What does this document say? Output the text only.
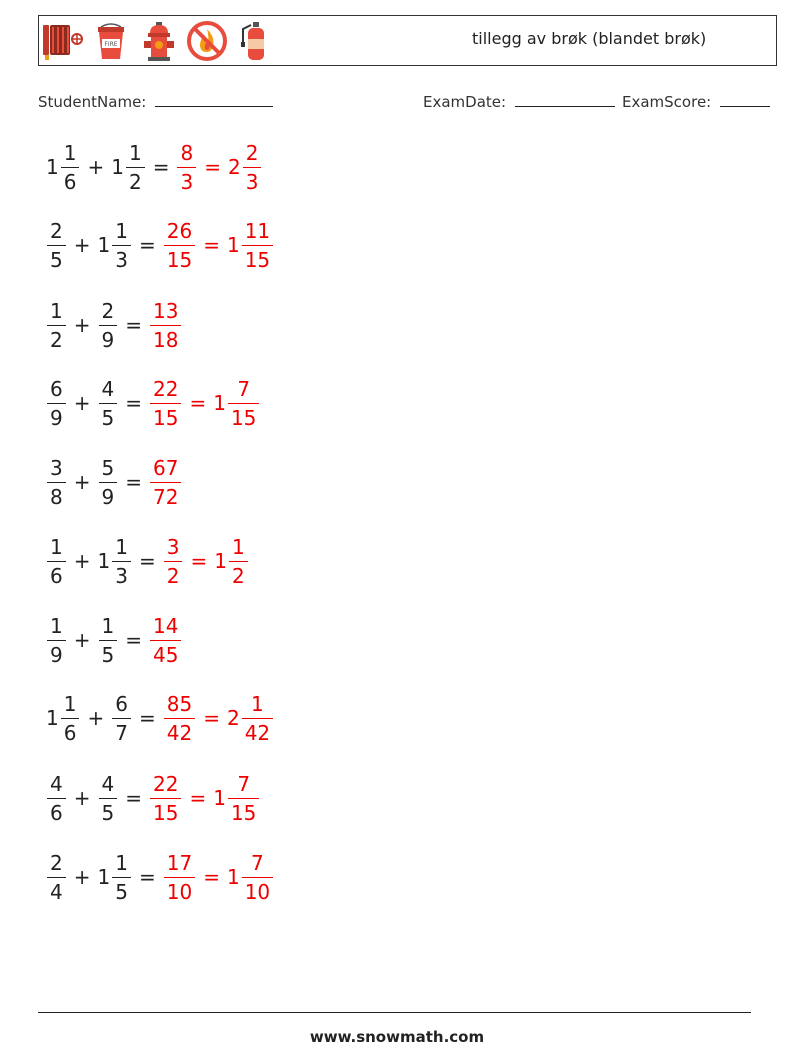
FIRE	tillegg av brøk (blandet brøk)
StudentName:	ExamDate:	ExamScore:
$1 \frac{1}{6} + 1 \frac{1}{2} = \frac{8}{3} = 2 \frac{2}{3}$
$\frac{2}{5} + 1 \frac{1}{3} = \frac{26}{15} = 1 \frac{11}{15}$
$\frac{1}{2} + \frac{2}{9} = \frac{13}{18}$
$\frac{6}{9} + \frac{4}{5} = \frac{22}{15} = 1 \frac{7}{15}$
$\frac{3}{8} + \frac{5}{9} = \frac{67}{72}$
$\frac{1}{6} + 1 \frac{1}{3} = \frac{3}{2} = 1 \frac{1}{2}$
$\frac{1}{9} + \frac{1}{5} = \frac{14}{45}$
$1 \frac{1}{6} + \frac{6}{7} = \frac{85}{42} = 2 \frac{1}{42}$
$\frac{4}{6} + \frac{4}{5} = \frac{22}{15} = 1 \frac{7}{15}$
$\frac{2}{4} + 1 \frac{1}{5} = \frac{17}{10} = 1 \frac{7}{10}$
www.snowmath.com
